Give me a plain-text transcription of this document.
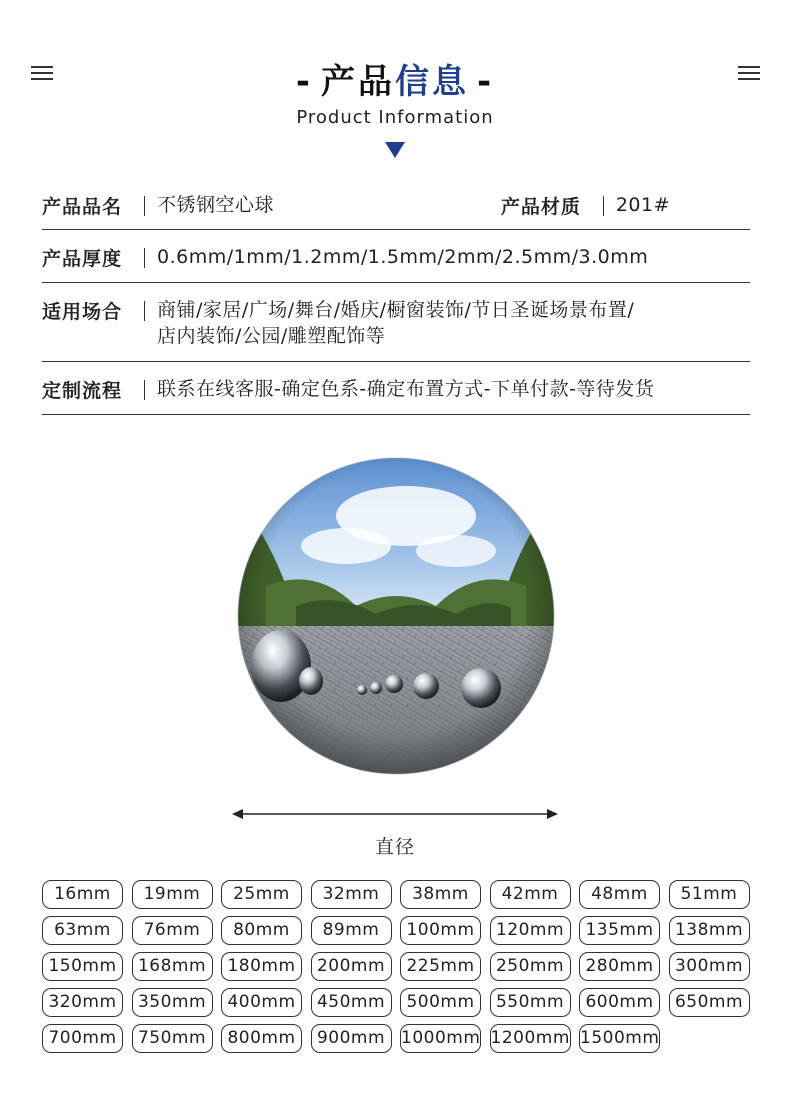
- 产品信息 -
Product Information
产品品名	不锈钢空心球	产品材质	201#
产品厚度	0.6mm/1mm/1.2mm/1.5mm/2mm/2.5mm/3.0mm
适用场合	商铺/家居/广场/舞台/婚庆/橱窗装饰/节日圣诞场景布置/
店内装饰/公园/雕塑配饰等
定制流程	联系在线客服-确定色系-确定布置方式-下单付款-等待发货
直径
16mm	19mm	25mm	32mm	38mm	42mm	48mm	51mm
63mm	76mm	80mm	89mm	100mm	120mm	135mm	138mm
150mm	168mm	180mm	200mm	225mm	250mm	280mm	300mm
320mm	350mm	400mm	450mm	500mm	550mm	600mm	650mm
700mm	750mm	800mm	900mm 1000mm 1200mm 1500mm
